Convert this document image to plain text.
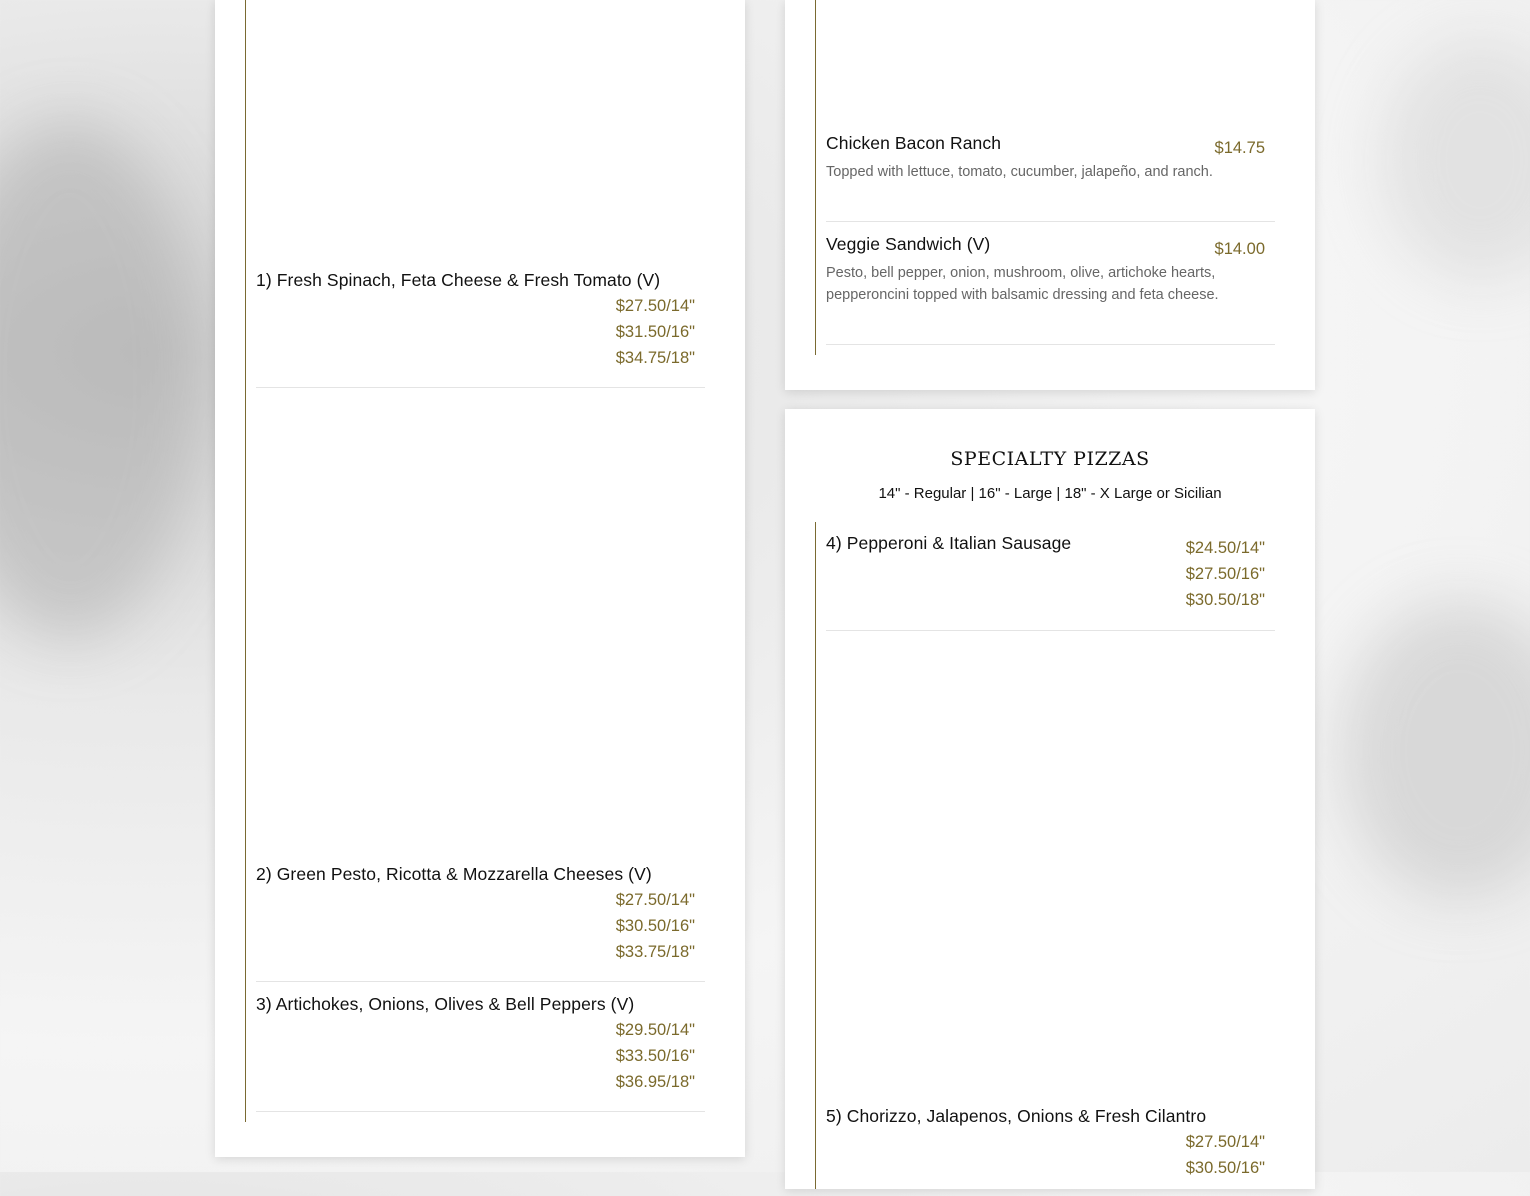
1) Fresh Spinach, Feta Cheese & Fresh Tomato (V)
$27.50/14"
$31.50/16"
$34.75/18"
2) Green Pesto, Ricotta & Mozzarella Cheeses (V)
$27.50/14"
$30.50/16"
$33.75/18"
3) Artichokes, Onions, Olives & Bell Peppers (V)
$29.50/14"
$33.50/16"
$36.95/18"
Chicken Bacon Ranch	$14.75
Topped with lettuce, tomato, cucumber, jalapeño, and ranch.
Veggie Sandwich (V)	$14.00
Pesto, bell pepper, onion, mushroom, olive, artichoke hearts, pepperoncini topped with balsamic dressing and feta cheese.
SPECIALTY PIZZAS
14" - Regular | 16" - Large | 18" - X Large or Sicilian
4) Pepperoni & Italian Sausage	$24.50/14"
$27.50/16"
$30.50/18"
5) Chorizzo, Jalapenos, Onions & Fresh Cilantro
$27.50/14"
$30.50/16"
